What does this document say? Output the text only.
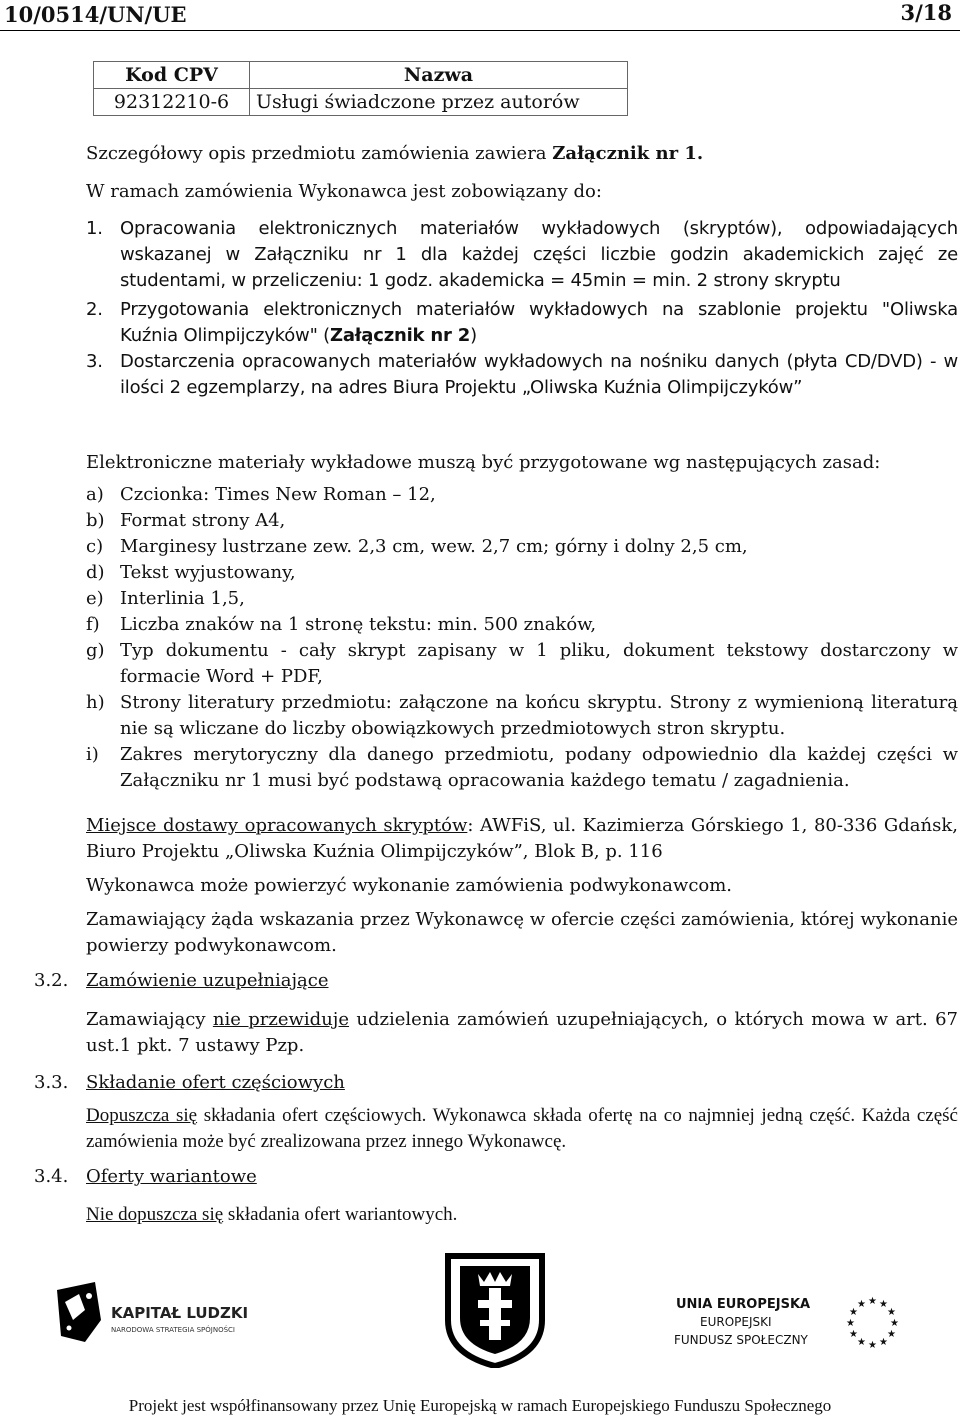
10/0514/UN/UE	3/18
Kod CPV	Nazwa
92312210-6	Usługi świadczone przez autorów
Szczegółowy opis przedmiotu zamówienia zawiera Załącznik nr 1.
W ramach zamówienia Wykonawca jest zobowiązany do:
1. Opracowania elektronicznych materiałów wykładowych (skryptów), odpowiadających wskazanej w Załączniku nr 1 dla każdej części liczbie godzin akademickich zajęć ze studentami, w przeliczeniu: 1 godz. akademicka = 45min = min. 2 strony skryptu
2. Przygotowania elektronicznych materiałów wykładowych na szablonie projektu "Oliwska Kuźnia Olimpijczyków" (Załącznik nr 2)
3. Dostarczenia opracowanych materiałów wykładowych na nośniku danych (płyta CD/DVD) - w ilości 2 egzemplarzy, na adres Biura Projektu „Oliwska Kuźnia Olimpijczyków”
Elektroniczne materiały wykładowe muszą być przygotowane wg następujących zasad:
a) Czcionka: Times New Roman – 12,
b) Format strony A4,
c) Marginesy lustrzane zew. 2,3 cm, wew. 2,7 cm; górny i dolny 2,5 cm,
d) Tekst wyjustowany,
e) Interlinia 1,5,
f) Liczba znaków na 1 stronę tekstu: min. 500 znaków,
g) Typ dokumentu - cały skrypt zapisany w 1 pliku, dokument tekstowy dostarczony w formacie Word + PDF,
h) Strony literatury przedmiotu: załączone na końcu skryptu. Strony z wymienioną literaturą nie są wliczane do liczby obowiązkowych przedmiotowych stron skryptu.
i) Zakres merytoryczny dla danego przedmiotu, podany odpowiednio dla każdej części w Załączniku nr 1 musi być podstawą opracowania każdego tematu / zagadnienia.
Miejsce dostawy opracowanych skryptów: AWFiS, ul. Kazimierza Górskiego 1, 80-336 Gdańsk, Biuro Projektu „Oliwska Kuźnia Olimpijczyków”, Blok B, p. 116
Wykonawca może powierzyć wykonanie zamówienia podwykonawcom.
Zamawiający żąda wskazania przez Wykonawcę w ofercie części zamówienia, której wykonanie powierzy podwykonawcom.
3.2. Zamówienie uzupełniające
Zamawiający nie przewiduje udzielenia zamówień uzupełniających, o których mowa w art. 67 ust.1 pkt. 7 ustawy Pzp.
3.3. Składanie ofert częściowych
Dopuszcza się składania ofert częściowych. Wykonawca składa ofertę na co najmniej jedną część. Każda część zamówienia może być zrealizowana przez innego Wykonawcę.
3.4. Oferty wariantowe
Nie dopuszcza się składania ofert wariantowych.
KAPITAŁ LUDZKI
NARODOWA STRATEGIA SPÓJNOŚCI
UNIA EUROPEJSKA
EUROPEJSKI
FUNDUSZ SPOŁECZNY
★
★
★
★
★
★
★
★
★ ★ ★
★
Projekt jest współfinansowany przez Unię Europejską w ramach Europejskiego Funduszu Społecznego
